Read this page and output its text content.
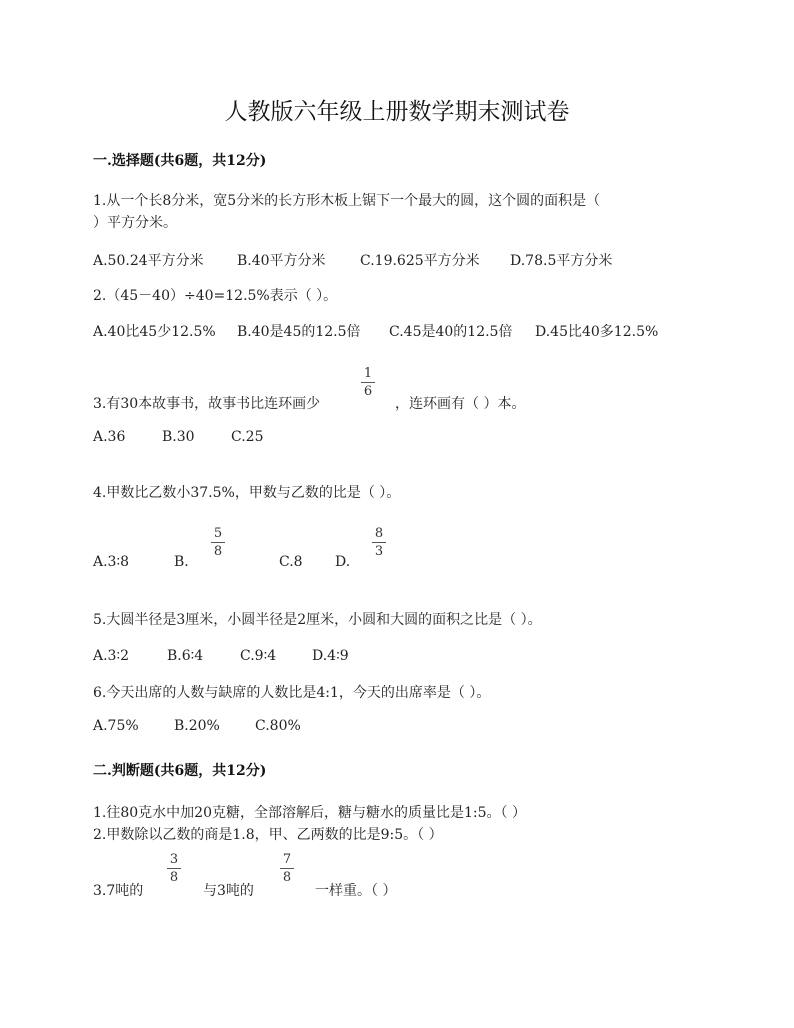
人教版六年级上册数学期末测试卷
一.选择题(共6题，共12分)
1.从一个长8分米，宽5分米的长方形木板上锯下一个最大的圆，这个圆的面积是（
）平方分米。
A.50.24平方分米 B.40平方分米 C.19.625平方分米 D.78.5平方分米
2.（45－40）÷40=12.5%表示（ ）。
A.40比45少12.5% B.40是45的12.5倍 C.45是40的12.5倍 D.45比40多12.5%
3.有30本故事书，故事书比连环画少
1
6
，连环画有（ ）本。
A.36	B.30	C.25
4.甲数比乙数小37.5%，甲数与乙数的比是（ ）。
A.3∶8	B.
5
8
C.8 D.
8
3
5.大圆半径是3厘米，小圆半径是2厘米，小圆和大圆的面积之比是（ ）。
A.3∶2	B.6∶4	C.9∶4	D.4∶9
6.今天出席的人数与缺席的人数比是4:1，今天的出席率是（ ）。
A.75%	B.20%	C.80%
二.判断题(共6题，共12分)
1.往80克水中加20克糖，全部溶解后，糖与糖水的质量比是1:5。（ ）
2.甲数除以乙数的商是1.8，甲、乙两数的比是9:5。（ ）
3.7吨的
3
8
与3吨的
7
8
一样重。（ ）
